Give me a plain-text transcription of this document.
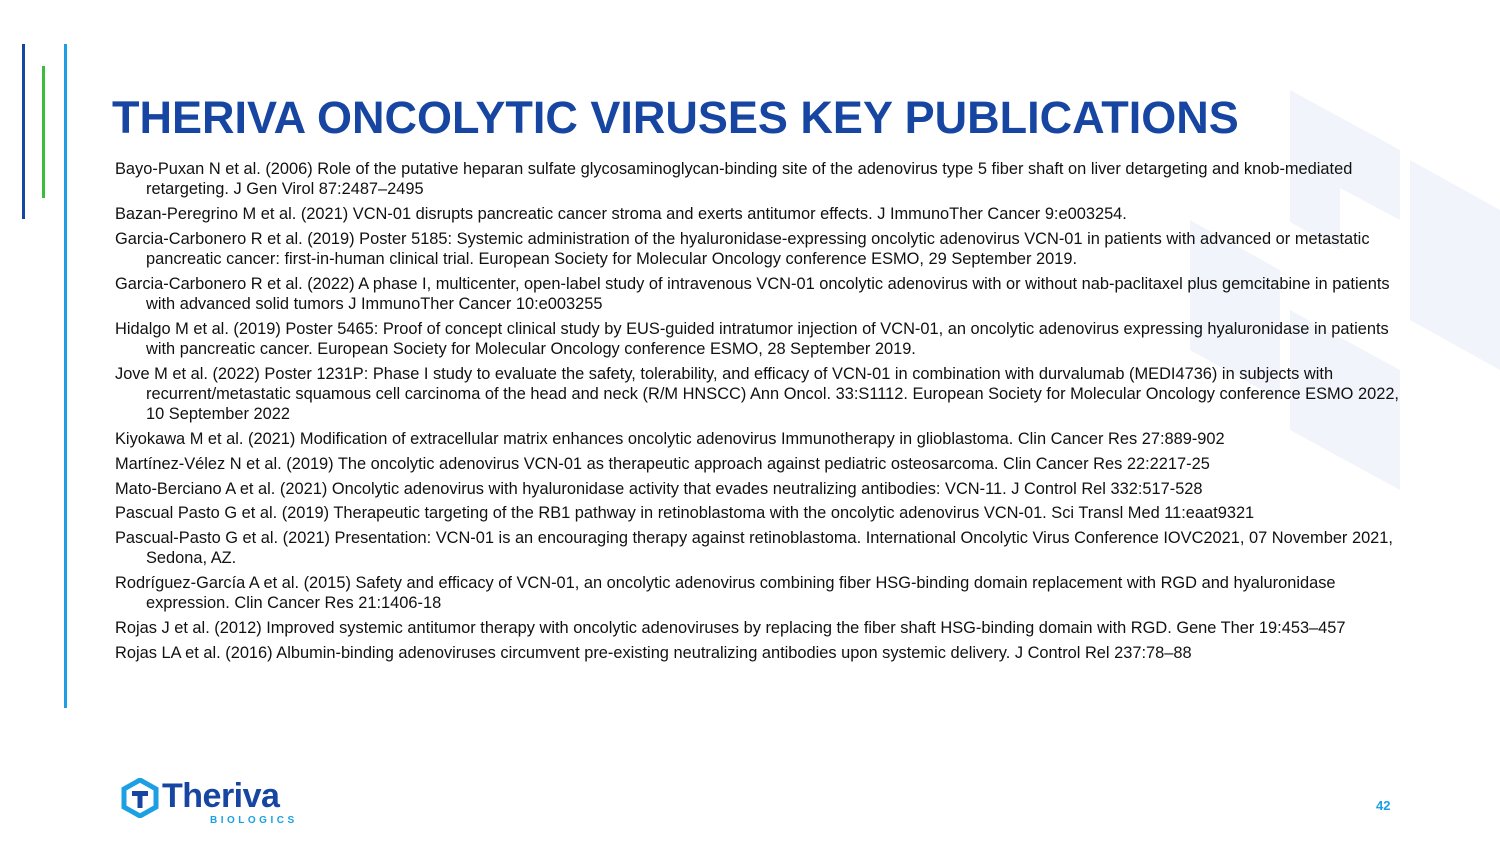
THERIVA ONCOLYTIC VIRUSES KEY PUBLICATIONS
Bayo-Puxan N et al. (2006) Role of the putative heparan sulfate glycosaminoglycan-binding site of the adenovirus type 5 fiber shaft on liver detargeting and knob-mediated retargeting. J Gen Virol 87:2487–2495
Bazan-Peregrino M et al. (2021) VCN-01 disrupts pancreatic cancer stroma and exerts antitumor effects. J ImmunoTher Cancer 9:e003254.
Garcia-Carbonero R et al. (2019) Poster 5185: Systemic administration of the hyaluronidase-expressing oncolytic adenovirus VCN-01 in patients with advanced or metastatic pancreatic cancer: first-in-human clinical trial. European Society for Molecular Oncology conference ESMO, 29 September 2019.
Garcia-Carbonero R et al. (2022) A phase I, multicenter, open-label study of intravenous VCN-01 oncolytic adenovirus with or without nab-paclitaxel plus gemcitabine in patients with advanced solid tumors J ImmunoTher Cancer 10:e003255
Hidalgo M et al. (2019) Poster 5465: Proof of concept clinical study by EUS-guided intratumor injection of VCN-01, an oncolytic adenovirus expressing hyaluronidase in patients with pancreatic cancer. European Society for Molecular Oncology conference ESMO, 28 September 2019.
Jove M et al. (2022) Poster 1231P: Phase I study to evaluate the safety, tolerability, and efficacy of VCN-01 in combination with durvalumab (MEDI4736) in subjects with recurrent/metastatic squamous cell carcinoma of the head and neck (R/M HNSCC) Ann Oncol. 33:S1112. European Society for Molecular Oncology conference ESMO 2022, 10 September 2022
Kiyokawa M et al. (2021) Modification of extracellular matrix enhances oncolytic adenovirus Immunotherapy in glioblastoma. Clin Cancer Res 27:889-902
Martínez-Vélez N et al. (2019) The oncolytic adenovirus VCN-01 as therapeutic approach against pediatric osteosarcoma. Clin Cancer Res 22:2217-25
Mato-Berciano A et al. (2021) Oncolytic adenovirus with hyaluronidase activity that evades neutralizing antibodies: VCN-11. J Control Rel 332:517-528
Pascual Pasto G et al. (2019) Therapeutic targeting of the RB1 pathway in retinoblastoma with the oncolytic adenovirus VCN-01. Sci Transl Med 11:eaat9321
Pascual-Pasto G et al. (2021) Presentation: VCN-01 is an encouraging therapy against retinoblastoma. International Oncolytic Virus Conference IOVC2021, 07 November 2021, Sedona, AZ.
Rodríguez-García A et al. (2015) Safety and efficacy of VCN-01, an oncolytic adenovirus combining fiber HSG-binding domain replacement with RGD and hyaluronidase expression. Clin Cancer Res 21:1406-18
Rojas J et al. (2012) Improved systemic antitumor therapy with oncolytic adenoviruses by replacing the fiber shaft HSG-binding domain with RGD. Gene Ther 19:453–457
Rojas LA et al. (2016) Albumin-binding adenoviruses circumvent pre-existing neutralizing antibodies upon systemic delivery. J Control Rel 237:78–88
Theriva
BIOLOGICS
42
